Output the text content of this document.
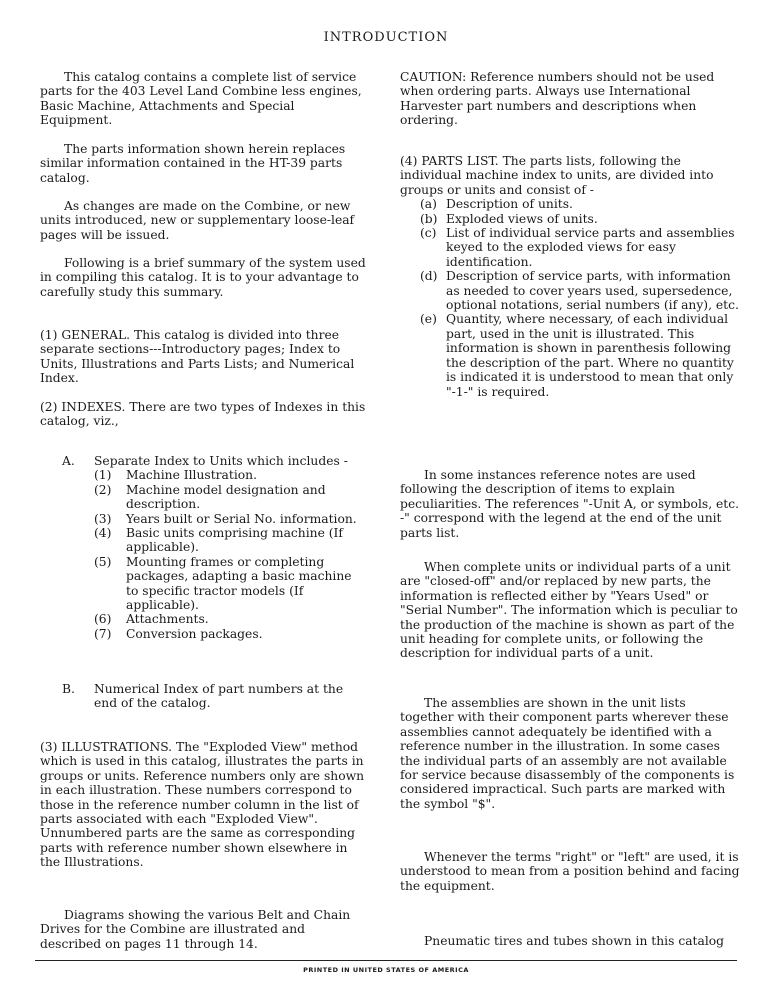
INTRODUCTION

This catalog contains a complete list of service parts for the 403 Level Land Combine less engines, Basic Machine, Attachments and Special Equipment.

The parts information shown herein replaces similar information contained in the HT-39 parts catalog.

As changes are made on the Combine, or new units introduced, new or supplementary loose-leaf pages will be issued.

Following is a brief summary of the system used in compiling this catalog. It is to your advantage to carefully study this summary.

(1) GENERAL. This catalog is divided into three separate sections---Introductory pages; Index to Units, Illustrations and Parts Lists; and Numerical Index.

(2) INDEXES. There are two types of Indexes in this catalog, viz.,

A.	Separate Index to Units which includes -
(1)	Machine Illustration.
(2)	Machine model designation and description.
(3)	Years built or Serial No. information.
(4)	Basic units comprising machine (If applicable).
(5)	Mounting frames or completing packages, adapting a basic machine to specific tractor models (If applicable).
(6)	Attachments.
(7)	Conversion packages.
B.	Numerical Index of part numbers at the end of the catalog.

(3) ILLUSTRATIONS. The "Exploded View" method which is used in this catalog, illustrates the parts in groups or units. Reference numbers only are shown in each illustration. These numbers correspond to those in the reference number column in the list of parts associated with each "Exploded View". Unnumbered parts are the same as corresponding parts with reference number shown elsewhere in the Illustrations.

Diagrams showing the various Belt and Chain Drives for the Combine are illustrated and described on pages 11 through 14.

CAUTION: Reference numbers should not be used when ordering parts. Always use International Harvester part numbers and descriptions when ordering.

(4) PARTS LIST. The parts lists, following the individual machine index to units, are divided into groups or units and consist of -

(a) Description of units.
(b) Exploded views of units.
(c) List of individual service parts and assemblies keyed to the exploded views for easy identification.
(d) Description of service parts, with information as needed to cover years used, supersedence, optional notations, serial numbers (if any), etc.
(e) Quantity, where necessary, of each individual part, used in the unit is illustrated. This information is shown in parenthesis following the description of the part. Where no quantity is indicated it is understood to mean that only "-1-" is required.

In some instances reference notes are used following the description of items to explain peculiarities. The references "-Unit A, or symbols, etc. -" correspond with the legend at the end of the unit parts list.

When complete units or individual parts of a unit are "closed-off" and/or replaced by new parts, the information is reflected either by "Years Used" or "Serial Number". The information which is peculiar to the production of the machine is shown as part of the unit heading for complete units, or following the description for individual parts of a unit.

The assemblies are shown in the unit lists together with their component parts wherever these assemblies cannot adequately be identified with a reference number in the illustration. In some cases the individual parts of an assembly are not available for service because disassembly of the components is considered impractical. Such parts are marked with the symbol "$".

Whenever the terms "right" or "left" are used, it is understood to mean from a position behind and facing the equipment.

Pneumatic tires and tubes shown in this catalog

PRINTED IN UNITED STATES OF AMERICA
